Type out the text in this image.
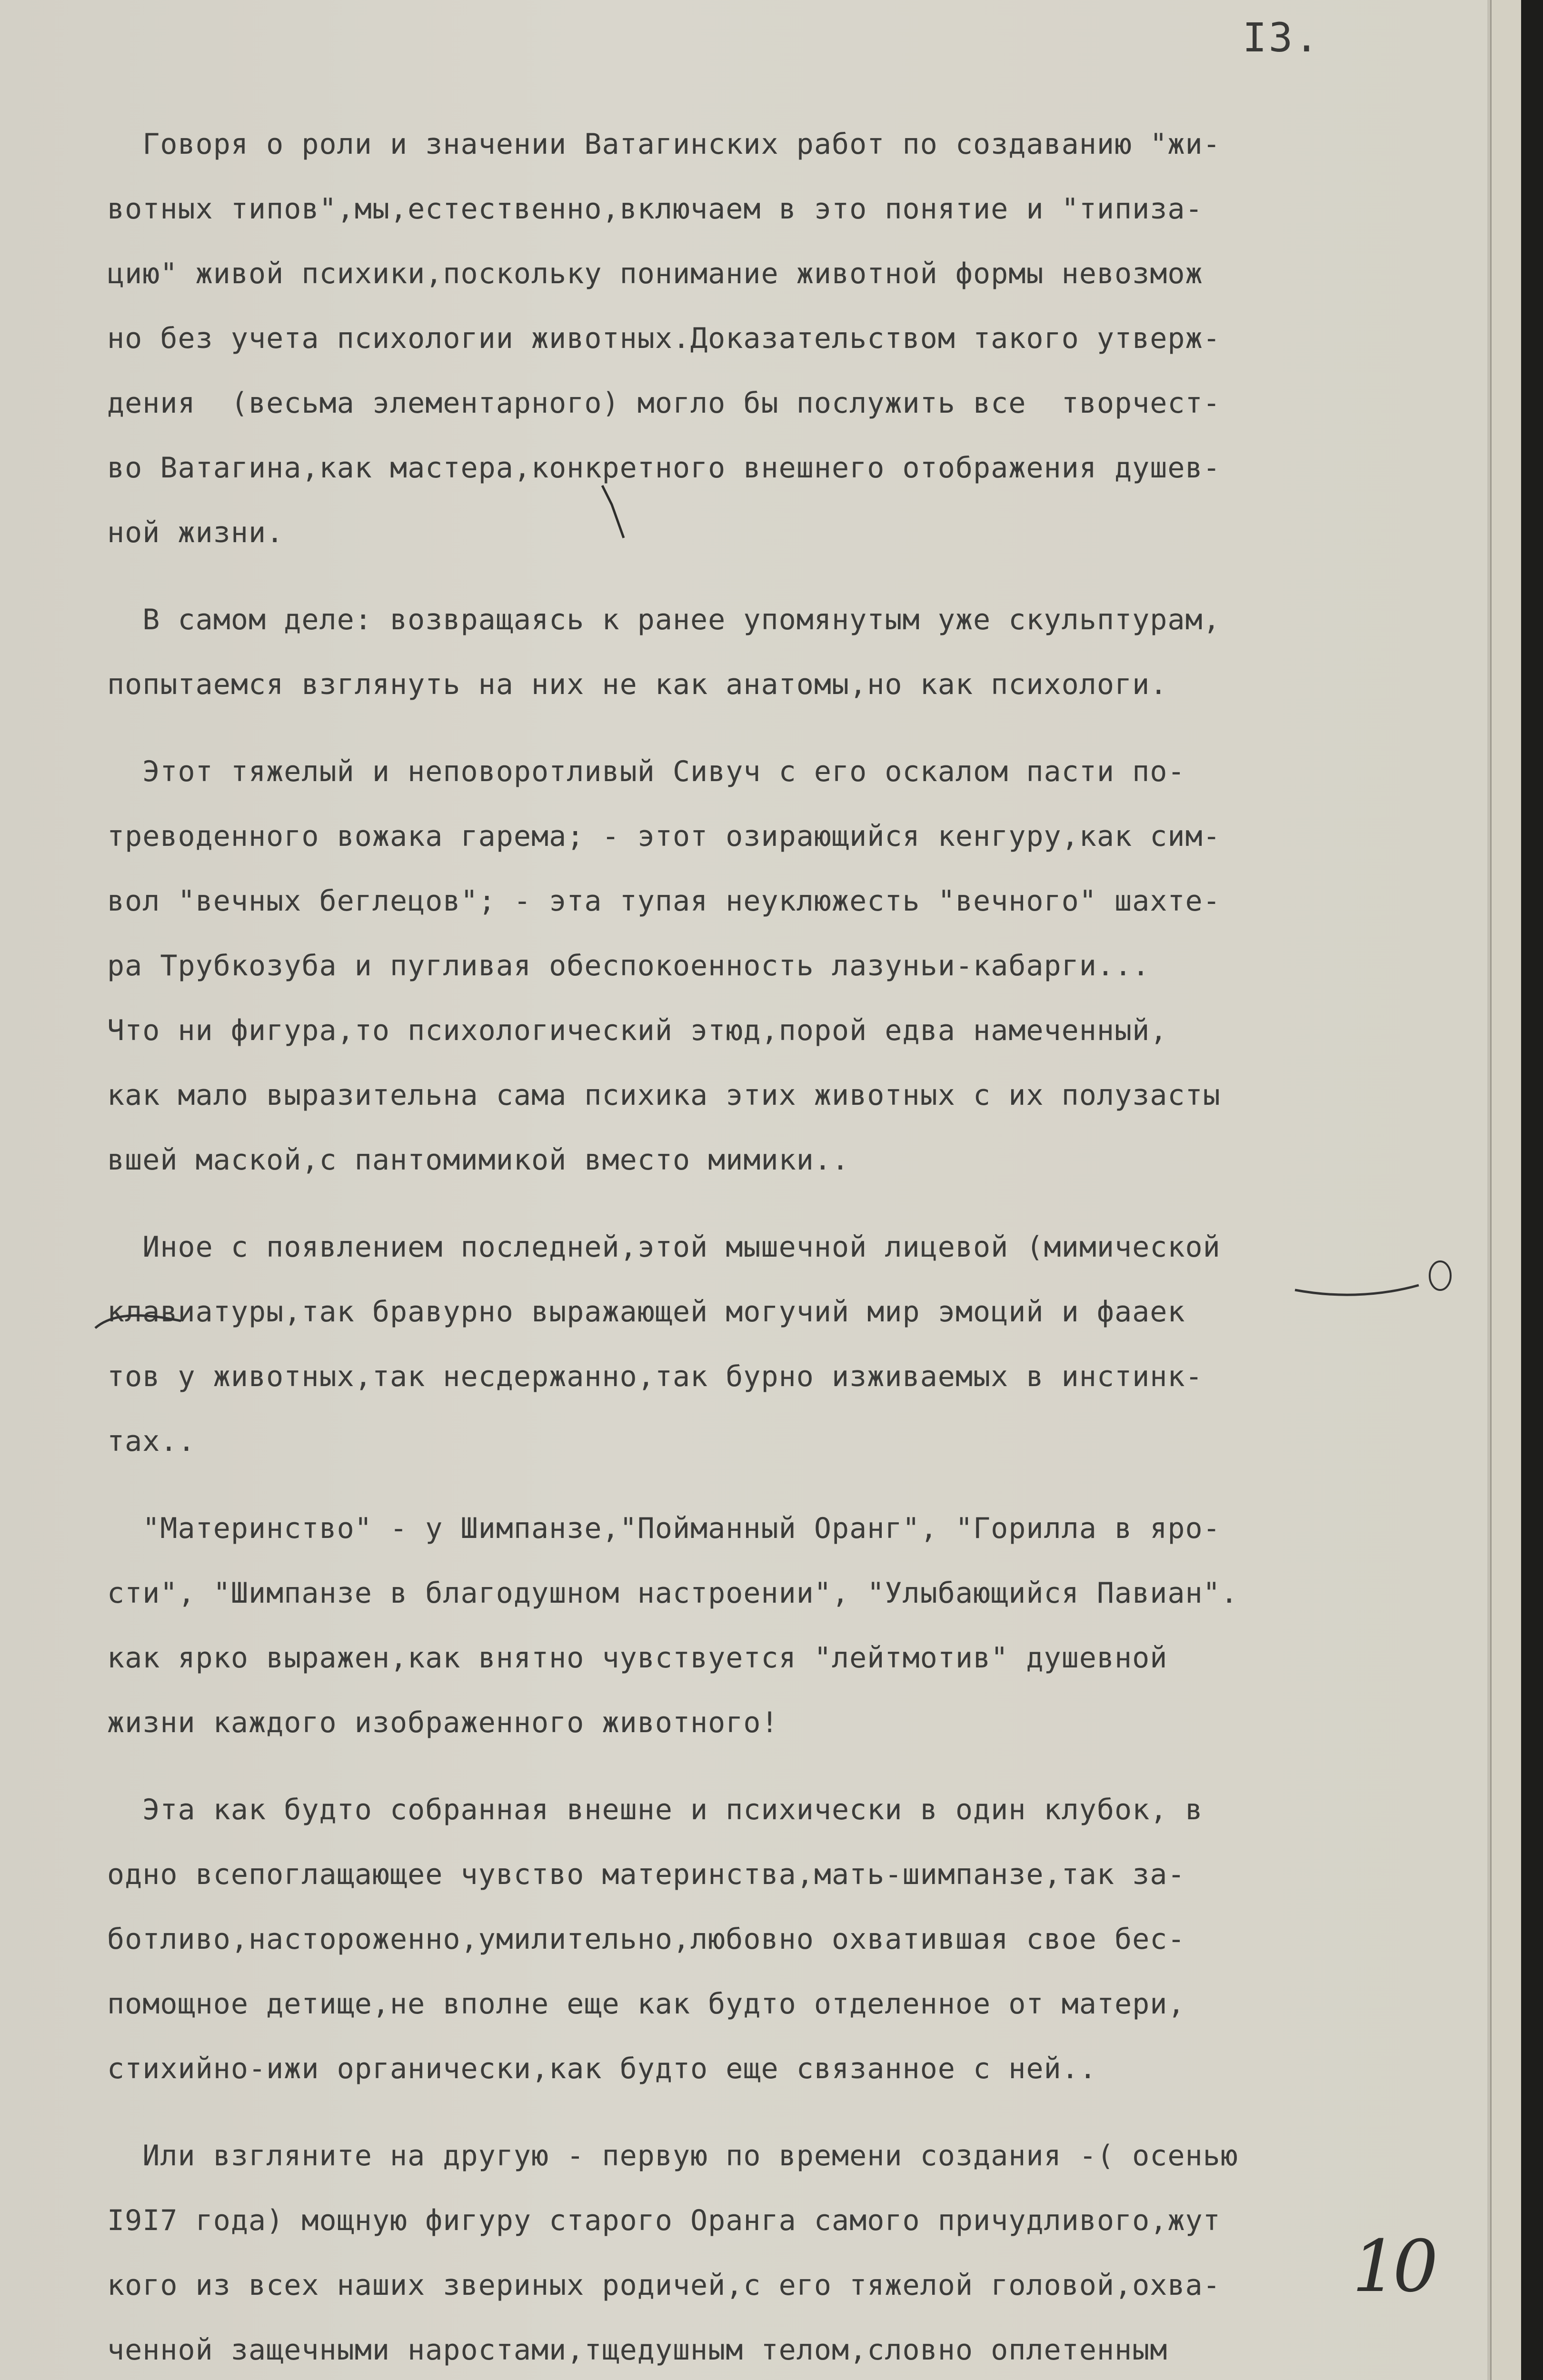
I3.
Говоря о роли и значении Ватагинских работ по создаванию "жи-
вотных типов",мы,естественно,включаем в это понятие и "типиза-
цию" живой психики,поскольку понимание животной формы невозмож
но без учета психологии животных.Доказательством такого утверж-
дения  (весьма элементарного) могло бы послужить все  творчест-
во Ватагина,как мастера,конкретного внешнего отображения душев-
ной жизни.
В самом деле: возвращаясь к ранее упомянутым уже скульптурам,
попытаемся взглянуть на них не как анатомы,но как психологи.
Этот тяжелый и неповоротливый Сивуч с его оскалом пасти по-
треводенного вожака гарема; - этот озирающийся кенгуру,как сим-
вол "вечных беглецов"; - эта тупая неуклюжесть "вечного" шахте-
ра Трубкозуба и пугливая обеспокоенность лазуньи-кабарги...
Что ни фигура,то психологический этюд,порой едва намеченный,
как мало выразительна сама психика этих животных с их полузасты
вшей маской,с пантомимикой вместо мимики..
Иное с появлением последней,этой мышечной лицевой (мимической
клавиатуры,так бравурно выражающей могучий мир эмоций и фааек
тов у животных,так несдержанно,так бурно изживаемых в инстинк-
тах..
"Материнство" - у Шимпанзе,"Пойманный Оранг", "Горилла в яро-
сти", "Шимпанзе в благодушном настроении", "Улыбающийся Павиан".
как ярко выражен,как внятно чувствуется "лейтмотив" душевной
жизни каждого изображенного животного!
Эта как будто собранная внешне и психически в один клубок, в
одно всепоглащающее чувство материнства,мать-шимпанзе,так за-
ботливо,настороженно,умилительно,любовно охватившая свое бес-
помощное детище,не вполне еще как будто отделенное от матери,
стихийно-ижи органически,как будто еще связанное с ней..
Или взгляните на другую - первую по времени создания -( осенью
I9I7 года) мощную фигуру старого Оранга самого причудливого,жут
кого из всех наших звериных родичей,с его тяжелой головой,охва-
ченной защечными наростами,тщедушным телом,словно оплетенным
10
